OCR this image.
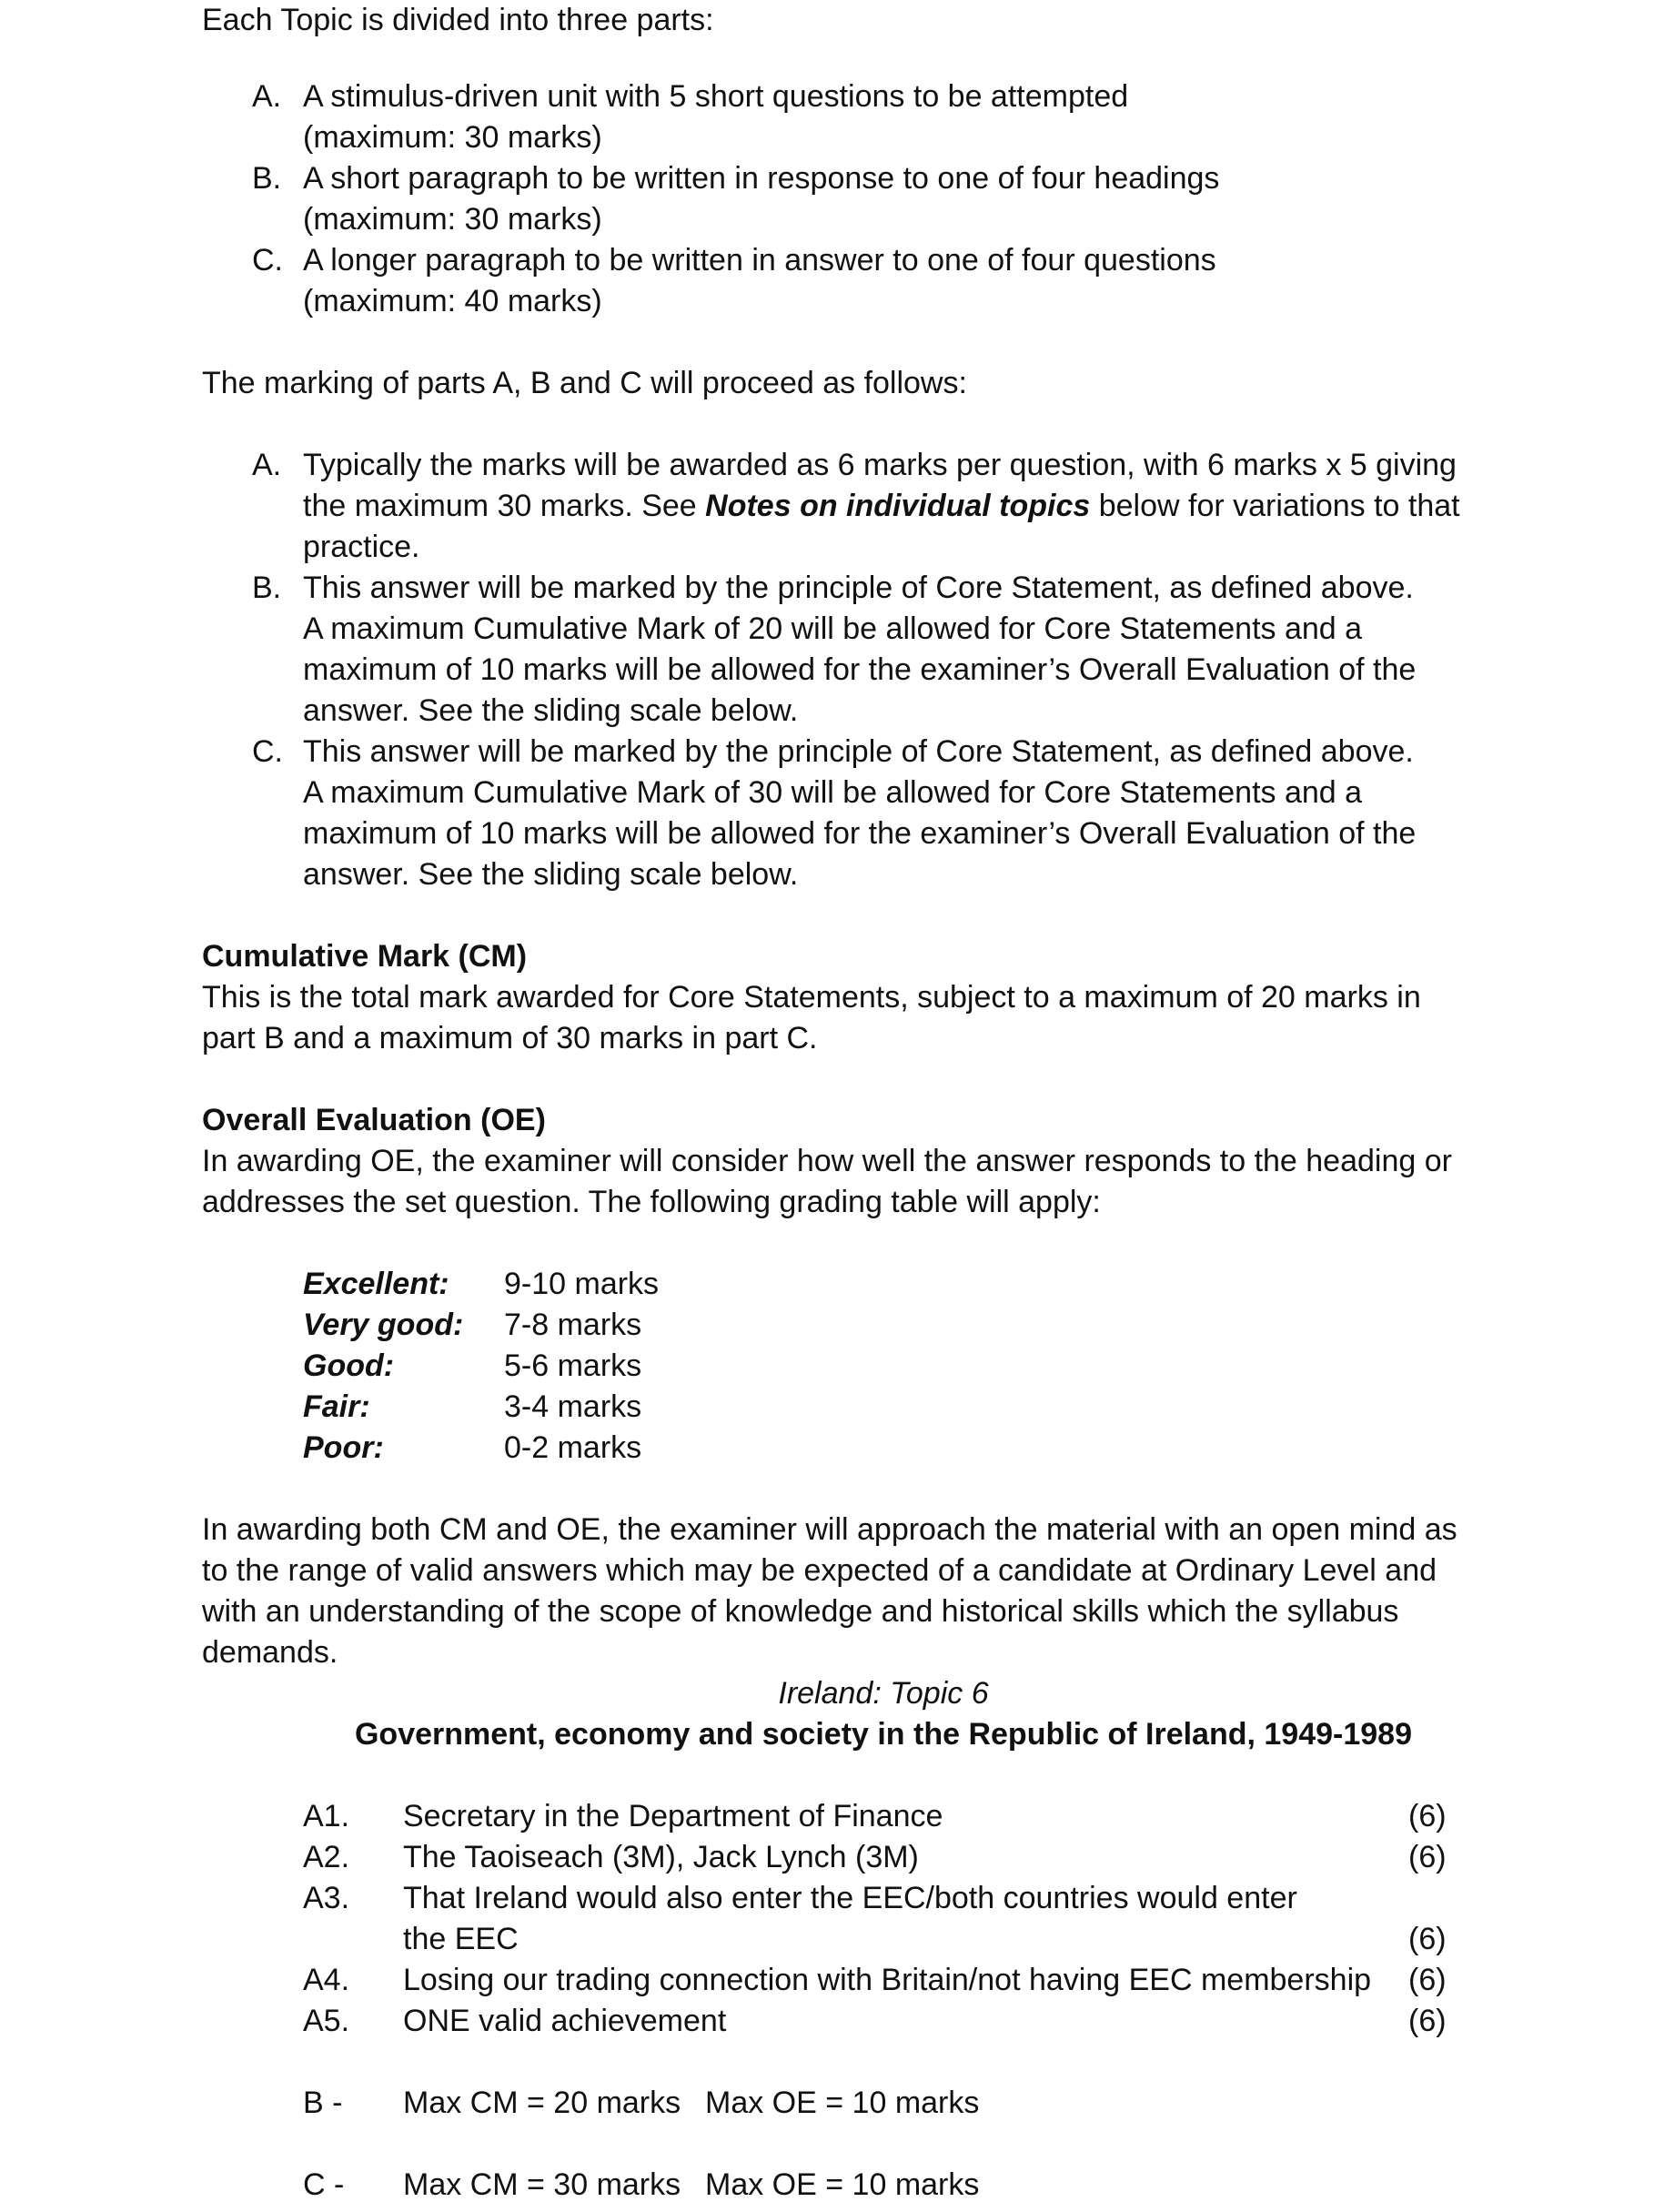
Each Topic is divided into three parts:
A. A stimulus-driven unit with 5 short questions to be attempted
(maximum: 30 marks)
B. A short paragraph to be written in response to one of four headings
(maximum: 30 marks)
C. A longer paragraph to be written in answer to one of four questions
(maximum: 40 marks)
The marking of parts A, B and C will proceed as follows:
A. Typically the marks will be awarded as 6 marks per question, with 6 marks x 5 giving
the maximum 30 marks. See Notes on individual topics below for variations to that
practice.
B. This answer will be marked by the principle of Core Statement, as defined above.
A maximum Cumulative Mark of 20 will be allowed for Core Statements and a
maximum of 10 marks will be allowed for the examiner’s Overall Evaluation of the
answer. See the sliding scale below.
C. This answer will be marked by the principle of Core Statement, as defined above.
A maximum Cumulative Mark of 30 will be allowed for Core Statements and a
maximum of 10 marks will be allowed for the examiner’s Overall Evaluation of the
answer. See the sliding scale below.
Cumulative Mark (CM)
This is the total mark awarded for Core Statements, subject to a maximum of 20 marks in
part B and a maximum of 30 marks in part C.
Overall Evaluation (OE)
In awarding OE, the examiner will consider how well the answer responds to the heading or
addresses the set question. The following grading table will apply:
Excellent: 9-10 marks
Very good: 7-8 marks
Good:	5-6 marks
Fair:	3-4 marks
Poor:	0-2 marks
In awarding both CM and OE, the examiner will approach the material with an open mind as
to the range of valid answers which may be expected of a candidate at Ordinary Level and
with an understanding of the scope of knowledge and historical skills which the syllabus
demands.
Ireland: Topic 6
Government, economy and society in the Republic of Ireland, 1949-1989
A1. Secretary in the Department of Finance	(6)
A2. The Taoiseach (3M), Jack Lynch (3M)	(6)
A3. That Ireland would also enter the EEC/both countries would enter
the EEC	(6)
A4. Losing our trading connection with Britain/not having EEC membership (6)
A5. ONE valid achievement	(6)
B - Max CM = 20 marks Max OE = 10 marks
C - Max CM = 30 marks Max OE = 10 marks
